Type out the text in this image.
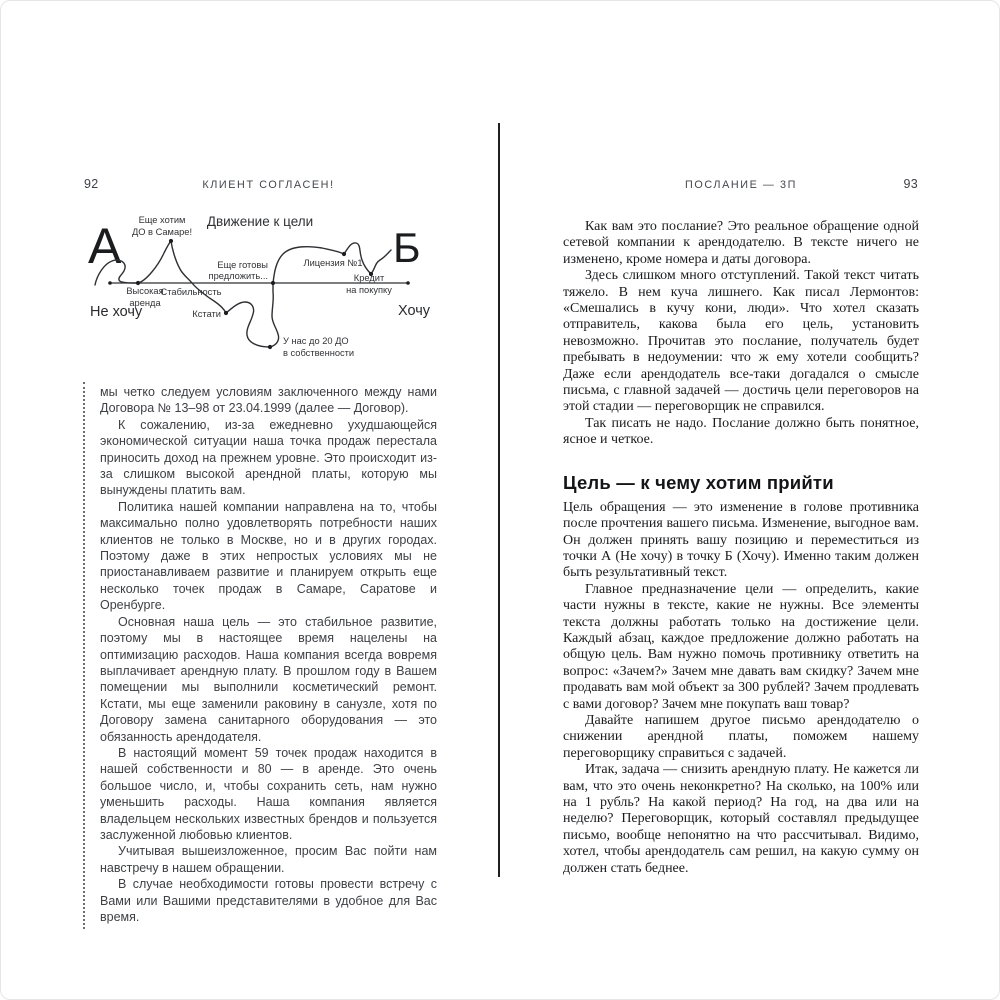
92	КЛИЕНТ СОГЛАСЕН!
Движение к цели
А	Б
Не хочу	Хочу
Еще хотим
ДО в Самаре!
Высокая
аренда
Стабильность
Кстати
Еще готовы
предложить...
У нас до 20 ДО
в собственности
Лицензия №1
Кредит
на покупку

мы четко следуем условиям заключенного между нами Договора № 13–98 от 23.04.1999 (далее — Договор).

К сожалению, из-за ежедневно ухудшающейся экономической ситуации наша точка продаж перестала приносить доход на прежнем уровне. Это происходит из-за слишком высокой арендной платы, которую мы вынуждены платить вам.

Политика нашей компании направлена на то, чтобы максимально полно удовлетворять потребности наших клиентов не только в Москве, но и в других городах. Поэтому даже в этих непростых условиях мы не приостанавливаем развитие и планируем открыть еще несколько точек продаж в Самаре, Саратове и Оренбурге.

Основная наша цель — это стабильное развитие, поэтому мы в настоящее время нацелены на оптимизацию расходов. Наша компания всегда вовремя выплачивает арендную плату. В прошлом году в Вашем помещении мы выполнили косметический ремонт. Кстати, мы еще заменили раковину в санузле, хотя по Договору замена санитарного оборудования — это обязанность арендодателя.

В настоящий момент 59 точек продаж находится в нашей собственности и 80 — в аренде. Это очень большое число, и, чтобы сохранить сеть, нам нужно уменьшить расходы. Наша компания является владельцем нескольких известных брендов и пользуется заслуженной любовью клиентов.

Учитывая вышеизложенное, просим Вас пойти нам навстречу в нашем обращении.

В случае необходимости готовы провести встречу с Вами или Вашими представителями в удобное для Вас время.

ПОСЛАНИЕ — 3П	93

Как вам это послание? Это реальное обращение одной сетевой компании к арендодателю. В тексте ничего не изменено, кроме номера и даты договора.

Здесь слишком много отступлений. Такой текст читать тяжело. В нем куча лишнего. Как писал Лермонтов: «Смешались в кучу кони, люди». Что хотел сказать отправитель, какова была его цель, установить невозможно. Прочитав это послание, получатель будет пребывать в недоумении: что ж ему хотели сообщить? Даже если арендодатель все-таки догадался о смысле письма, с главной задачей — достичь цели переговоров на этой стадии — переговорщик не справился.

Так писать не надо. Послание должно быть понятное, ясное и четкое.

Цель — к чему хотим прийти

Цель обращения — это изменение в голове противника после прочтения вашего письма. Изменение, выгодное вам. Он должен принять вашу позицию и переместиться из точки А (Не хочу) в точку Б (Хочу). Именно таким должен быть результативный текст.

Главное предназначение цели — определить, какие части нужны в тексте, какие не нужны. Все элементы текста должны работать только на достижение цели. Каждый абзац, каждое предложение должно работать на общую цель. Вам нужно помочь противнику ответить на вопрос: «Зачем?» Зачем мне давать вам скидку? Зачем мне продавать вам мой объект за 300 рублей? Зачем продлевать с вами договор? Зачем мне покупать ваш товар?

Давайте напишем другое письмо арендодателю о снижении арендной платы, поможем нашему переговорщику справиться с задачей.

Итак, задача — снизить арендную плату. Не кажется ли вам, что это очень неконкретно? На сколько, на 100% или на 1 рубль? На какой период? На год, на два или на неделю? Переговорщик, который составлял предыдущее письмо, вообще непонятно на что рассчитывал. Видимо, хотел, чтобы арендодатель сам решил, на какую сумму он должен стать беднее.
